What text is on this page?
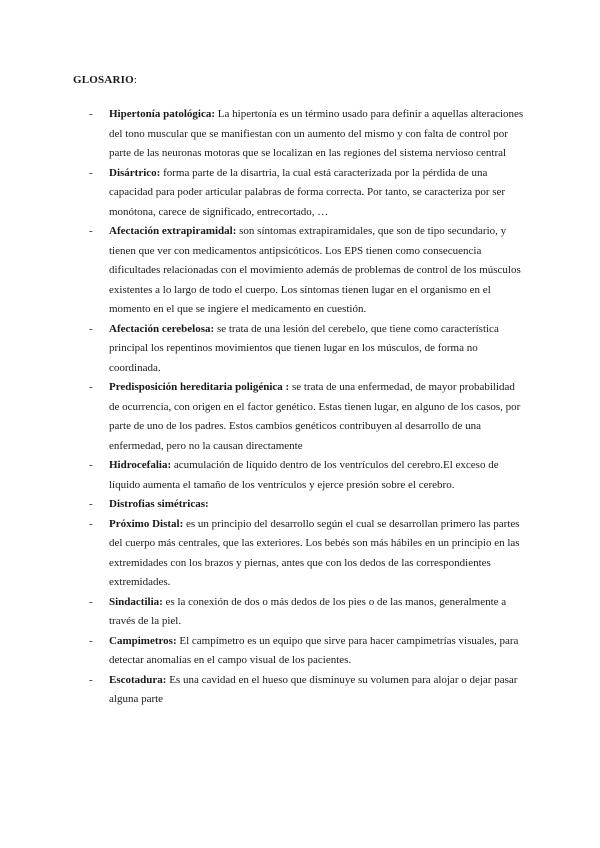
GLOSARIO:
- Hipertonía patológica: La hipertonía es un término usado para definir a aquellas alteraciones del tono muscular que se manifiestan con un aumento del mismo y con falta de control por parte de las neuronas motoras que se localizan en las regiones del sistema nervioso central
- Disártrico: forma parte de la disartria, la cual está caracterizada por la pérdida de una capacidad para poder articular palabras de forma correcta. Por tanto, se caracteriza por ser monótona, carece de significado, entrecortado, …
- Afectación extrapiramidal: son síntomas extrapiramidales, que son de tipo secundario, y tienen que ver con medicamentos antipsicóticos. Los EPS tienen como consecuencia dificultades relacionadas con el movimiento además de problemas de control de los músculos existentes a lo largo de todo el cuerpo. Los síntomas tienen lugar en el organismo en el momento en el que se ingiere el medicamento en cuestión.
- Afectación cerebelosa: se trata de una lesión del cerebelo, que tiene como característica principal los repentinos movimientos que tienen lugar en los músculos, de forma no coordinada.
- Predisposición hereditaria poligénica : se trata de una enfermedad, de mayor probabilidad de ocurrencia, con origen en el factor genético. Estas tienen lugar, en alguno de los casos, por parte de uno de los padres. Estos cambios genéticos contribuyen al desarrollo de una enfermedad, pero no la causan directamente
- Hidrocefalia: acumulación de líquido dentro de los ventrículos del cerebro.El exceso de líquido aumenta el tamaño de los ventrículos y ejerce presión sobre el cerebro.
- Distrofias simétricas:
- Próximo Distal: es un principio del desarrollo según el cual se desarrollan primero las partes del cuerpo más centrales, que las exteriores. Los bebés son más hábiles en un principio en las extremidades con los brazos y piernas, antes que con los dedos de las correspondientes extremidades.
- Sindactilia: es la conexión de dos o más dedos de los pies o de las manos, generalmente a través de la piel.
- Campimetros: El campímetro es un equipo que sirve para hacer campimetrías visuales, para detectar anomalías en el campo visual de los pacientes.
- Escotadura: Es una cavidad en el hueso que disminuye su volumen para alojar o dejar pasar alguna parte
